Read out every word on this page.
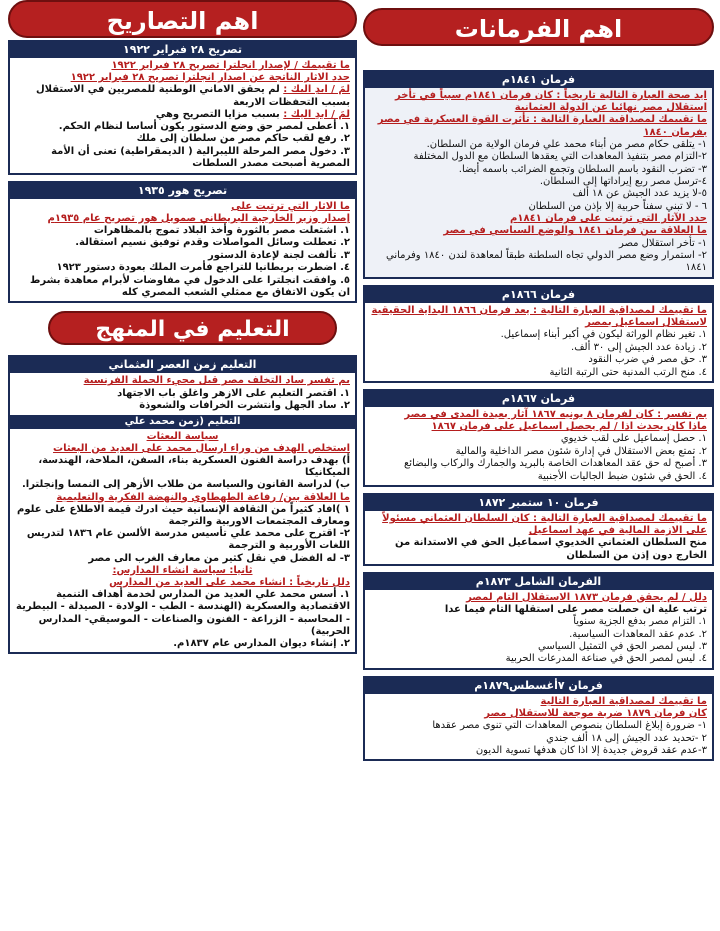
اهم الفرمانات
فرمان ١٨٤١م
ايد صحة العبارة التالية تاريخياً : كان فرمان ١٨٤١م سبباً في تأخر استقلال مصر نهائيا عن الدولة العثمانية
ما تقييمك لمصداقية العبارة التالية : تأثرت القوة العسكرية في مصر بفرمان ١٨٤٠
١- يتلقى حكام مصر من أبناء محمد علي فرمان الولاية من السلطان.
٢-التزام مصر بتنفيذ المعاهدات التي يعقدها السلطان مع الدول المختلفة
٣- تضرب النقود باسم السلطان وتجمع الضرائب باسمه أيضا.
٤-ترسل مصر ربع إيراداتها إلى السلطان.
٥-لا يزيد عدد الجيش عن ١٨ ألف
٦ - لا تبني سفناً حربية إلا بإذن من السلطان
حدد الآثار التي ترتبت على فرمان ١٨٤١م
ما العلاقة بين فرمان ١٨٤١ والوضع السياسي في مصر
١- تأخر استقلال مصر
٢- استمرار وضع مصر الدولي تجاه السلطنة طبقاً لمعاهدة لندن ١٨٤٠ وفرماني ١٨٤١
فرمان ١٨٦٦م
ما تقييمك لمصداقية العبارة التالية : يعد فرمان ١٨٦٦ البداية الحقيقية لاستقلال اسماعيل بمصر
١. تغير نظام الوراثة ليكون في أكبر أبناء إسماعيل.
٢. زيادة عدد الجيش إلى ٣٠ ألف.
٣. حق مصر في ضرب النقود
٤. منح الرتب المدنية حتى الرتبة الثانية
فرمان ١٨٦٧م
بم تفسر : كان لفرمان ٨ يونيه ١٨٦٧ آثار بعيدة المدى في مصر
ماذا كان يحدث اذا / لم يحصل اسماعيل على فرمان ١٨٦٧
١. حصل إسماعيل على لقب خديوي
٢. تمتع بعض الاستقلال في إدارة شئون مصر الداخلية والمالية
٣. أصبح له حق عقد المعاهدات الخاصة بالبريد والجمارك والركاب والبضائع
٤. الحق في شئون ضبط الجاليات الأجنبية
فرمان ١٠ ستمبر ١٨٧٢
ما تقييمك لمصداقية العبارة التالية : كان السلطان العثماني مسئولاً على الازمة المالية في عهد اسماعيل
منح السلطان العثماني الخديوي اسماعيل الحق في الاستدانة من الخارج دون إذن من السلطان
الفرمان الشامل ١٨٧٣م
دلل / لم يحقق فرمان ١٨٧٣ الاستقلال التام لمصر
ترتب علية ان حصلت مصر على استقلها التام فيما عدا
١. التزام مصر بدفع الجزية سنوياً
٢. عدم عقد المعاهدات السياسية.
٣. ليس لمصر الحق في التمثيل السياسي
٤. ليس لمصر الحق في صناعة المدرعات الحربية
فرمان ٧أغسطس١٨٧٩م
ما تقييمك لمصداقية العبارة التالية
كان فرمان ١٨٧٩ ضربة موجعة للاستقلال مصر
١- ضرورة إبلاغ السلطان بنصوص المعاهدات التي تنوى مصر عقدها
٢ -تحديد عدد الجيش إلى ١٨ ألف جندي
٣-عدم عقد قروض جديدة إلا اذا كان هدفها تسوية الديون
اهم التصاريح
تصريح ٢٨ فبراير ١٩٢٢
ما تقييمك / لإصدار انجلترا تصريح ٢٨ فبراير ١٩٢٢
حدد الاثار الناتجة عن اصدار انجلترا تصريح ٢٨ فبراير ١٩٢٢
لمَ / ابدِ اليك : لم يحقق الاماني الوطنية للمصريين في الاستقلال بسبب التحفظات الاربعة
لمَ / ابدِ اليك : بسبب مزايا التصريح وهي
١. أعطى لمصر حق وضع الدستور يكون أساسا لنظام الحكم.
٢. رفع لقب حاكم مصر من سلطان إلى ملك
٣. دخول مصر المرحلة الليبرالية ( الديمقراطية) تعنى أن الأمة المصرية أصبحت مصدر السلطات
تصريح هور ١٩٣٥
ما الاثار التي ترتبت على
إصدار وزير الخارجية البريطاني صمويل هور تصريح عام ١٩٣٥م
١. اشتعلت مصر بالثورة وأخذ البلاد تموج بالمظاهرات
٢. تعطلت وسائل المواصلات وقدم توفيق نسيم استقالة.
٣. تألفت لجنة لإعادة الدستور
٤. اضطرت بريطانيا للتراجع فأمرت الملك بعودة دستور ١٩٢٣
٥. وافقت انجلترا على الدخول في مفاوضات لأبرام معاهدة بشرط ان يكون الاتفاق مع ممثلي الشعب المصري كله
التعليم في المنهج
التعليم زمن العصر العثماني
بم تفسر ساد التخلف مصر قبل مجيء الحملة الفرنسية
١. اقتصر التعليم على الازهر واغلق باب الاجتهاد
٢. ساد الجهل وانتشرت الخرافات والشعوذة
التعليم (زمن محمد علي
سياسة البعثات
استخلص الهدف من وراء ارسال محمد على العديد من البعثات
أ) بهدف دراسة الفنون العسكرية بناء، السفن، الملاحة، الهندسة، الميكانيكا
ب) لدراسة القانون والسياسة من طلاب الأزهر إلى النمسا وإنجلترا.
ما العلاقة بين/ رفاعة الطهطاوي والنهضة الفكرية والتعليمية
١ )افاد كثيراً من الثقافة الإنسانية حيث ادرك قيمة الاطلاع على علوم ومعارف المجتمعات الاوربية والترجمة
٢- اقترح على محمد علي تأسيس مدرسة الألسن عام ١٨٣٦ لتدريس اللغات الأوربية و الترجمة
٣- له الفضل في نقل كثير من معارف الغرب الى مصر
ثانيا: سياسة انشاء المدارس:
دلل تاريخياً : انشاء محمد على العديد من المدارس
١. أسس محمد علي العديد من المدارس لخدمة أهداف التنمية الاقتصادية والعسكرية (الهندسة - الطب - الولادة - الصيدلة - البيطرية - المحاسبة - الزراعة - الفنون والصناعات - الموسيقي- المدارس الحربية)
٢. إنشاء ديوان المدارس عام ١٨٣٧م.
